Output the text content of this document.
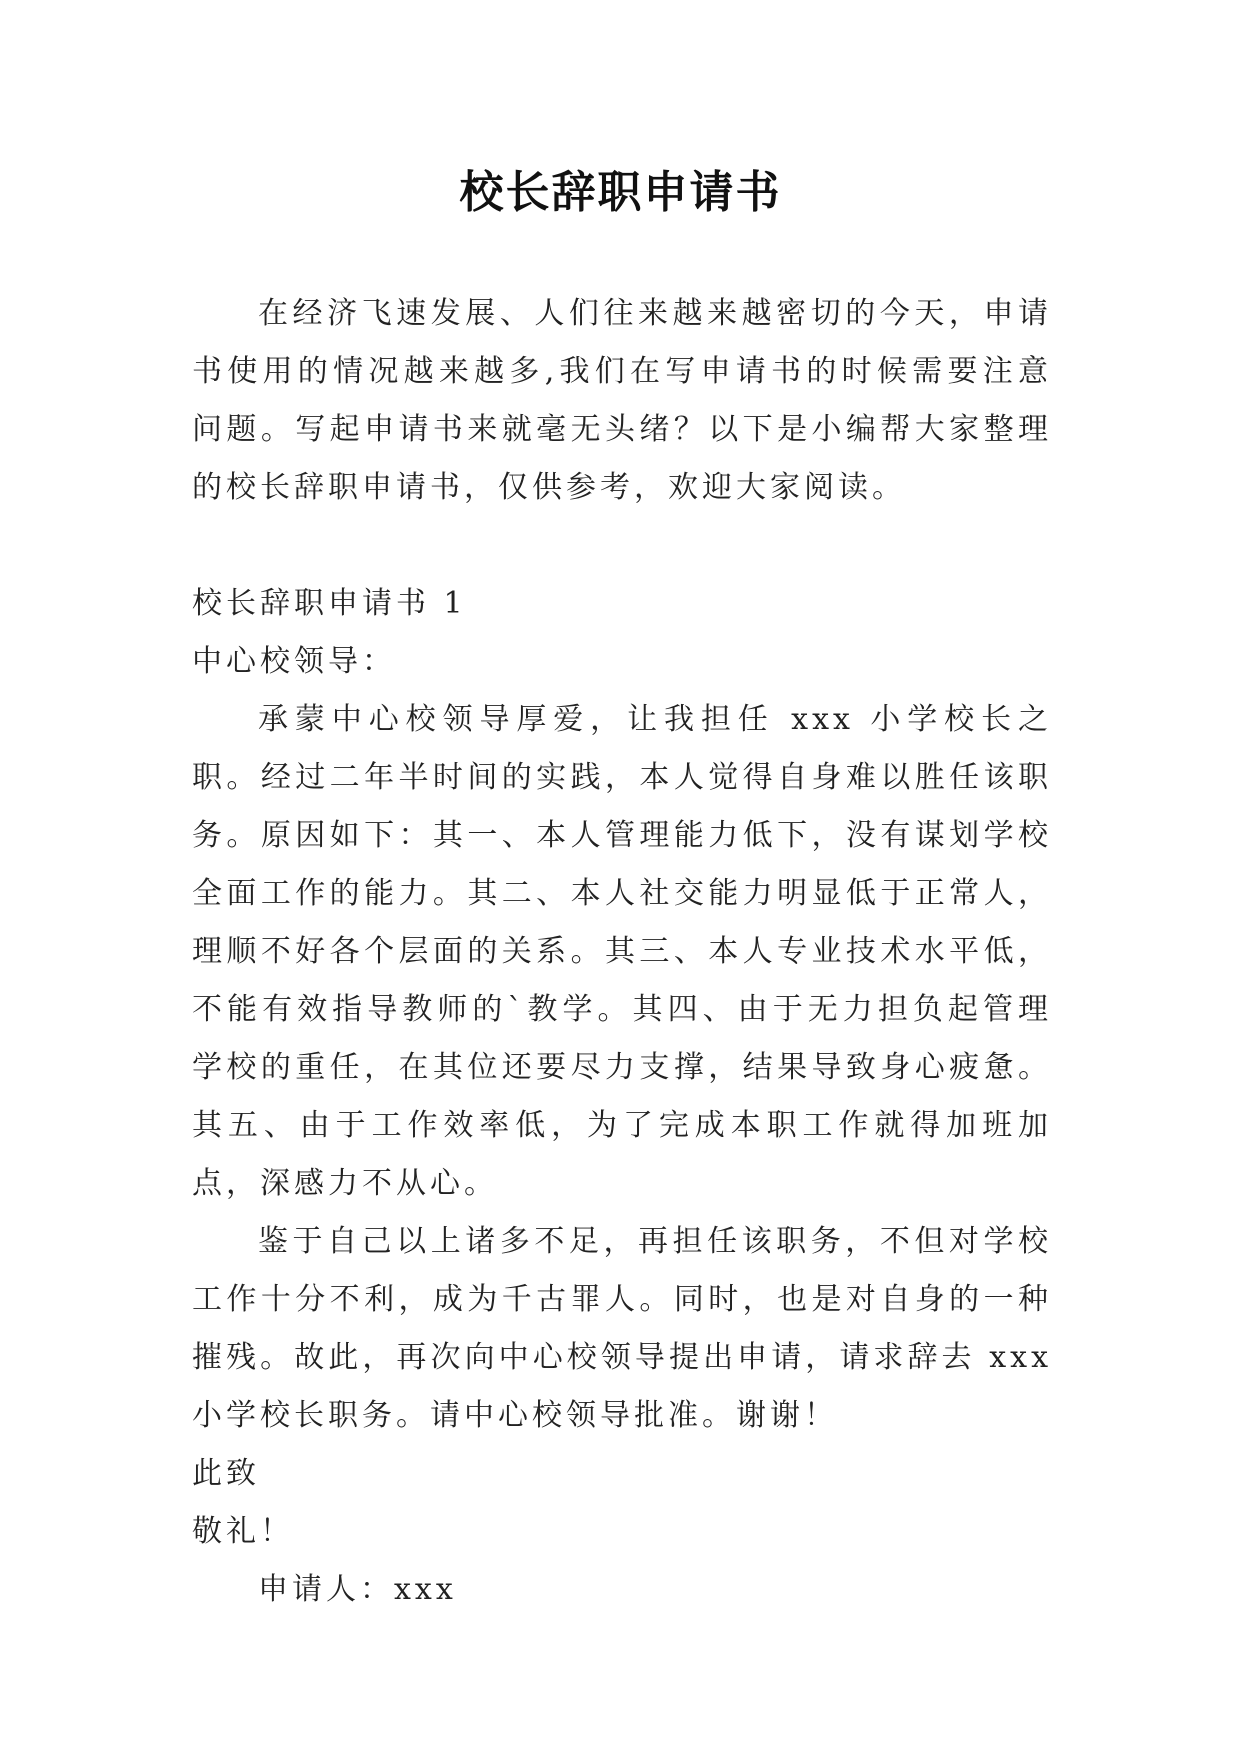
校长辞职申请书

在经济飞速发展、人们往来越来越密切的今天，申请书使用的情况越来越多,我们在写申请书的时候需要注意问题。写起申请书来就毫无头绪？以下是小编帮大家整理的校长辞职申请书，仅供参考，欢迎大家阅读。

校长辞职申请书 1

中心校领导：

承蒙中心校领导厚爱，让我担任 xxx 小学校长之职。经过二年半时间的实践，本人觉得自身难以胜任该职务。原因如下：其一、本人管理能力低下，没有谋划学校全面工作的能力。其二、本人社交能力明显低于正常人，理顺不好各个层面的关系。其三、本人专业技术水平低，不能有效指导教师的`教学。其四、由于无力担负起管理学校的重任，在其位还要尽力支撑，结果导致身心疲惫。其五、由于工作效率低，为了完成本职工作就得加班加点，深感力不从心。

鉴于自己以上诸多不足，再担任该职务，不但对学校工作十分不利，成为千古罪人。同时，也是对自身的一种摧残。故此，再次向中心校领导提出申请，请求辞去 xxx 小学校长职务。请中心校领导批准。谢谢！

此致

敬礼！

申请人：xxx
